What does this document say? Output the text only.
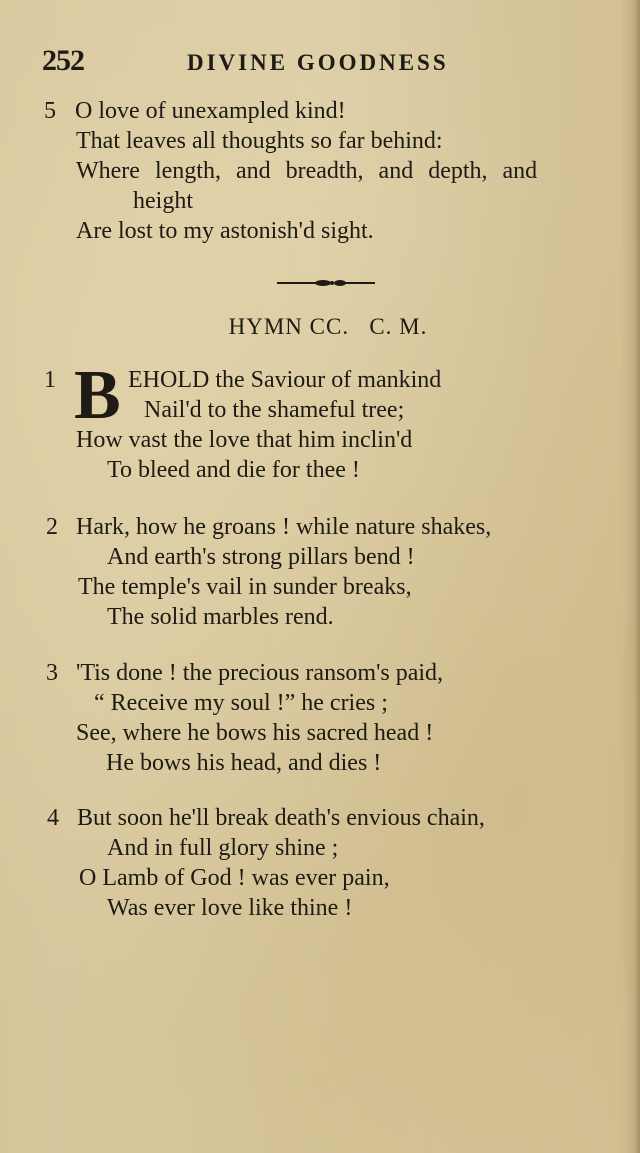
252	DIVINE GOODNESS
5 O love of unexampled kind!
That leaves all thoughts so far behind:
Where length, and breadth, and depth, and
height
Are lost to my astonish'd sight.
HYMN CC.   C. M.
1 B EHOLD the Saviour of mankind
Nail'd to the shameful tree;
How vast the love that him inclin'd
To bleed and die for thee !
2 Hark, how he groans ! while nature shakes,
And earth's strong pillars bend !
The temple's vail in sunder breaks,
The solid marbles rend.
3 'Tis done ! the precious ransom's paid,
“ Receive my soul !” he cries ;
See, where he bows his sacred head !
He bows his head, and dies !
4 But soon he'll break death's envious chain,
And in full glory shine ;
O Lamb of God ! was ever pain,
Was ever love like thine !
